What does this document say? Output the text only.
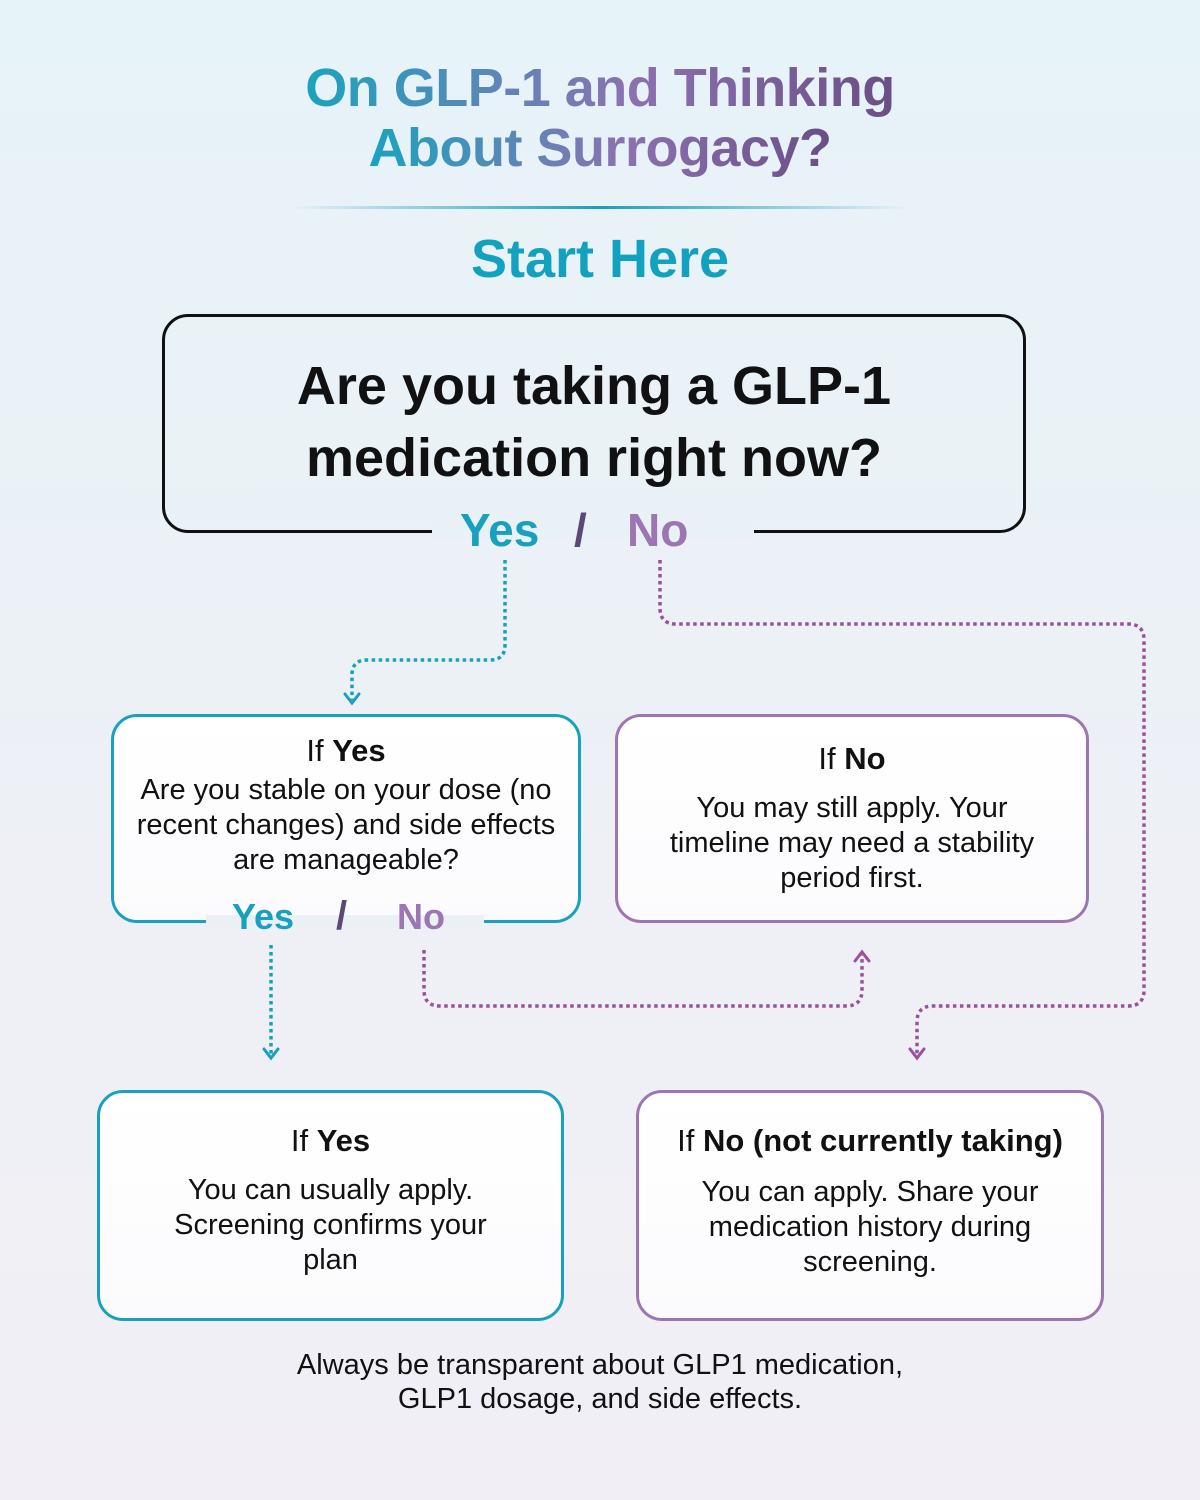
On GLP-1 and Thinking
About Surrogacy?
Start Here
Are you taking a GLP-1
medication right now?
Yes / No
If Yes
Are you stable on your dose (no recent changes) and side effects are manageable?
Yes / No
If No
You may still apply. Your timeline may need a stability period first.
If Yes
You can usually apply. Screening confirms your plan
If No (not currently taking)
You can apply. Share your medication history during screening.
Always be transparent about GLP1 medication,
GLP1 dosage, and side effects.
